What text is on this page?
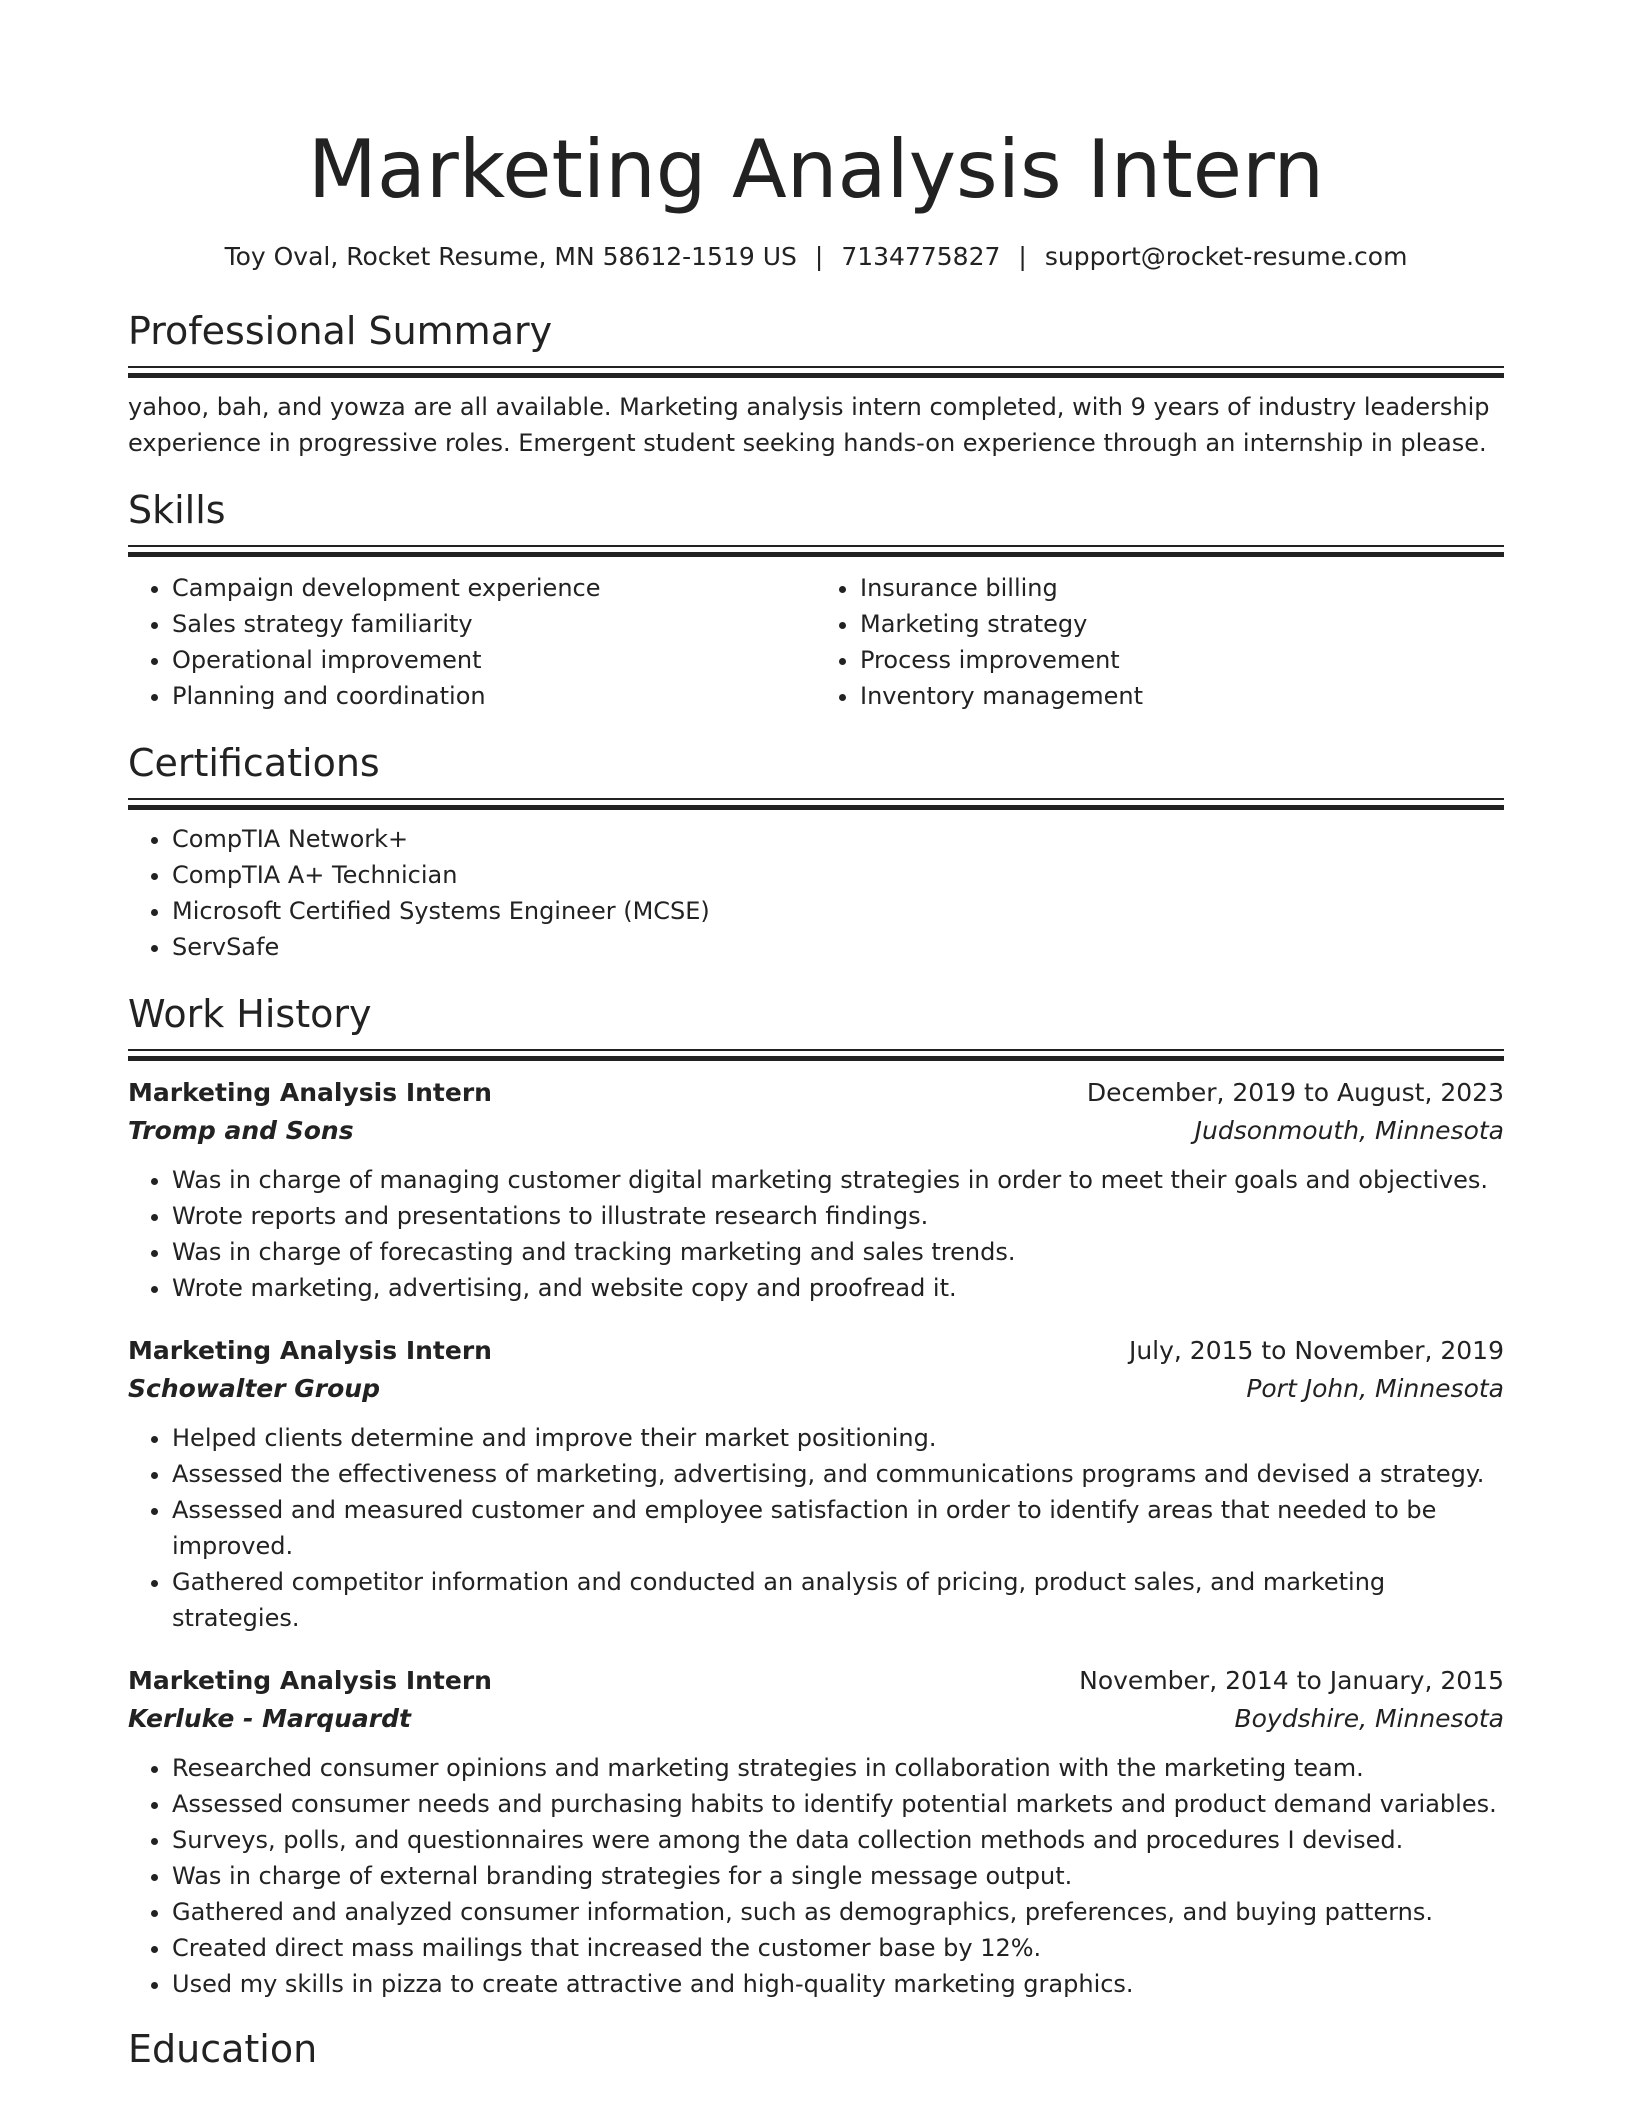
Marketing Analysis Intern
Toy Oval, Rocket Resume, MN 58612-1519 US | 7134775827 | support@rocket-resume.com
Professional Summary
yahoo, bah, and yowza are all available. Marketing analysis intern completed, with 9 years of industry leadership experience in progressive roles. Emergent student seeking hands-on experience through an internship in please.
Skills
• Campaign development experience
• Sales strategy familiarity
• Operational improvement
• Planning and coordination
• Insurance billing
• Marketing strategy
• Process improvement
• Inventory management
Certifications
• CompTIA Network+
• CompTIA A+ Technician
• Microsoft Certified Systems Engineer (MCSE)
• ServSafe
Work History
Marketing Analysis Intern	December, 2019 to August, 2023
Tromp and Sons	Judsonmouth, Minnesota
• Was in charge of managing customer digital marketing strategies in order to meet their goals and objectives.
• Wrote reports and presentations to illustrate research findings.
• Was in charge of forecasting and tracking marketing and sales trends.
• Wrote marketing, advertising, and website copy and proofread it.
Marketing Analysis Intern	July, 2015 to November, 2019
Schowalter Group	Port John, Minnesota
• Helped clients determine and improve their market positioning.
• Assessed the effectiveness of marketing, advertising, and communications programs and devised a strategy.
• Assessed and measured customer and employee satisfaction in order to identify areas that needed to be improved.
• Gathered competitor information and conducted an analysis of pricing, product sales, and marketing strategies.
Marketing Analysis Intern	November, 2014 to January, 2015
Kerluke - Marquardt	Boydshire, Minnesota
• Researched consumer opinions and marketing strategies in collaboration with the marketing team.
• Assessed consumer needs and purchasing habits to identify potential markets and product demand variables.
• Surveys, polls, and questionnaires were among the data collection methods and procedures I devised.
• Was in charge of external branding strategies for a single message output.
• Gathered and analyzed consumer information, such as demographics, preferences, and buying patterns.
• Created direct mass mailings that increased the customer base by 12%.
• Used my skills in pizza to create attractive and high-quality marketing graphics.
Education
